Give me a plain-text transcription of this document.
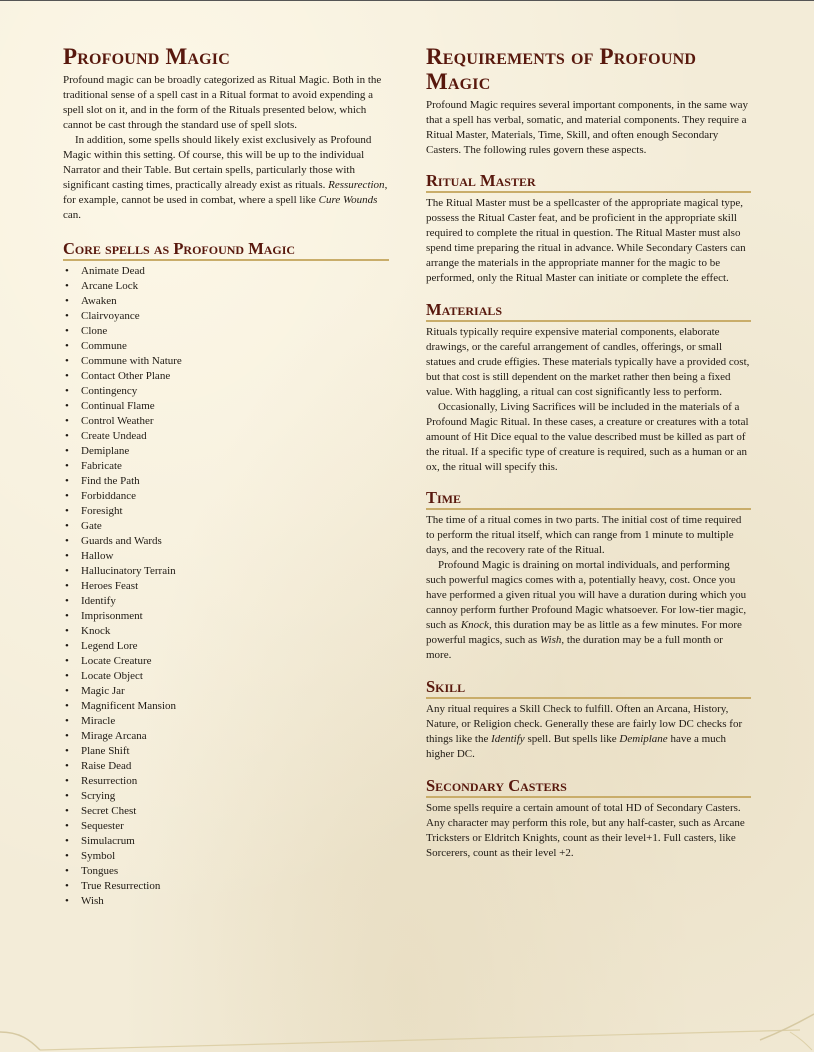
Profound Magic

Profound magic can be broadly categorized as Ritual Magic. Both in the traditional sense of a spell cast in a Ritual format to avoid expending a spell slot on it, and in the form of the Rituals presented below, which cannot be cast through the standard use of spell slots.

In addition, some spells should likely exist exclusively as Profound Magic within this setting. Of course, this will be up to the individual Narrator and their Table. But certain spells, particularly those with significant casting times, practically already exist as rituals. Ressurection, for example, cannot be used in combat, where a spell like Cure Wounds can.

Core spells as Profound Magic
• Animate Dead
• Arcane Lock
• Awaken
• Clairvoyance
• Clone
• Commune
• Commune with Nature
• Contact Other Plane
• Contingency
• Continual Flame
• Control Weather
• Create Undead
• Demiplane
• Fabricate
• Find the Path
• Forbiddance
• Foresight
• Gate
• Guards and Wards
• Hallow
• Hallucinatory Terrain
• Heroes Feast
• Identify
• Imprisonment
• Knock
• Legend Lore
• Locate Creature
• Locate Object
• Magic Jar
• Magnificent Mansion
• Miracle
• Mirage Arcana
• Plane Shift
• Raise Dead
• Resurrection
• Scrying
• Secret Chest
• Sequester
• Simulacrum
• Symbol
• Tongues
• True Resurrection
• Wish
Requirements of Profound Magic

Profound Magic requires several important components, in the same way that a spell has verbal, somatic, and material components. They require a Ritual Master, Materials, Time, Skill, and often enough Secondary Casters. The following rules govern these aspects.

Ritual Master

The Ritual Master must be a spellcaster of the appropriate magical type, possess the Ritual Caster feat, and be proficient in the appropriate skill required to complete the ritual in question. The Ritual Master must also spend time preparing the ritual in advance. While Secondary Casters can arrange the materials in the appropriate manner for the magic to be performed, only the Ritual Master can initiate or complete the effect.

Materials

Rituals typically require expensive material components, elaborate drawings, or the careful arrangement of candles, offerings, or small statues and crude effigies. These materials typically have a provided cost, but that cost is still dependent on the market rather then being a fixed value. With haggling, a ritual can cost significantly less to perform.

Occasionally, Living Sacrifices will be included in the materials of a Profound Magic Ritual. In these cases, a creature or creatures with a total amount of Hit Dice equal to the value described must be killed as part of the ritual. If a specific type of creature is required, such as a human or an ox, the ritual will specify this.

Time

The time of a ritual comes in two parts. The initial cost of time required to perform the ritual itself, which can range from 1 minute to multiple days, and the recovery rate of the Ritual.

Profound Magic is draining on mortal individuals, and performing such powerful magics comes with a, potentially heavy, cost. Once you have performed a given ritual you will have a duration during which you cannoy perform further Profound Magic whatsoever. For low-tier magic, such as Knock, this duration may be as little as a few minutes. For more powerful magics, such as Wish, the duration may be a full month or more.

Skill

Any ritual requires a Skill Check to fulfill. Often an Arcana, History, Nature, or Religion check. Generally these are fairly low DC checks for things like the Identify spell. But spells like Demiplane have a much higher DC.

Secondary Casters

Some spells require a certain amount of total HD of Secondary Casters. Any character may perform this role, but any half-caster, such as Arcane Tricksters or Eldritch Knights, count as their level+1. Full casters, like Sorcerers, count as their level +2.
